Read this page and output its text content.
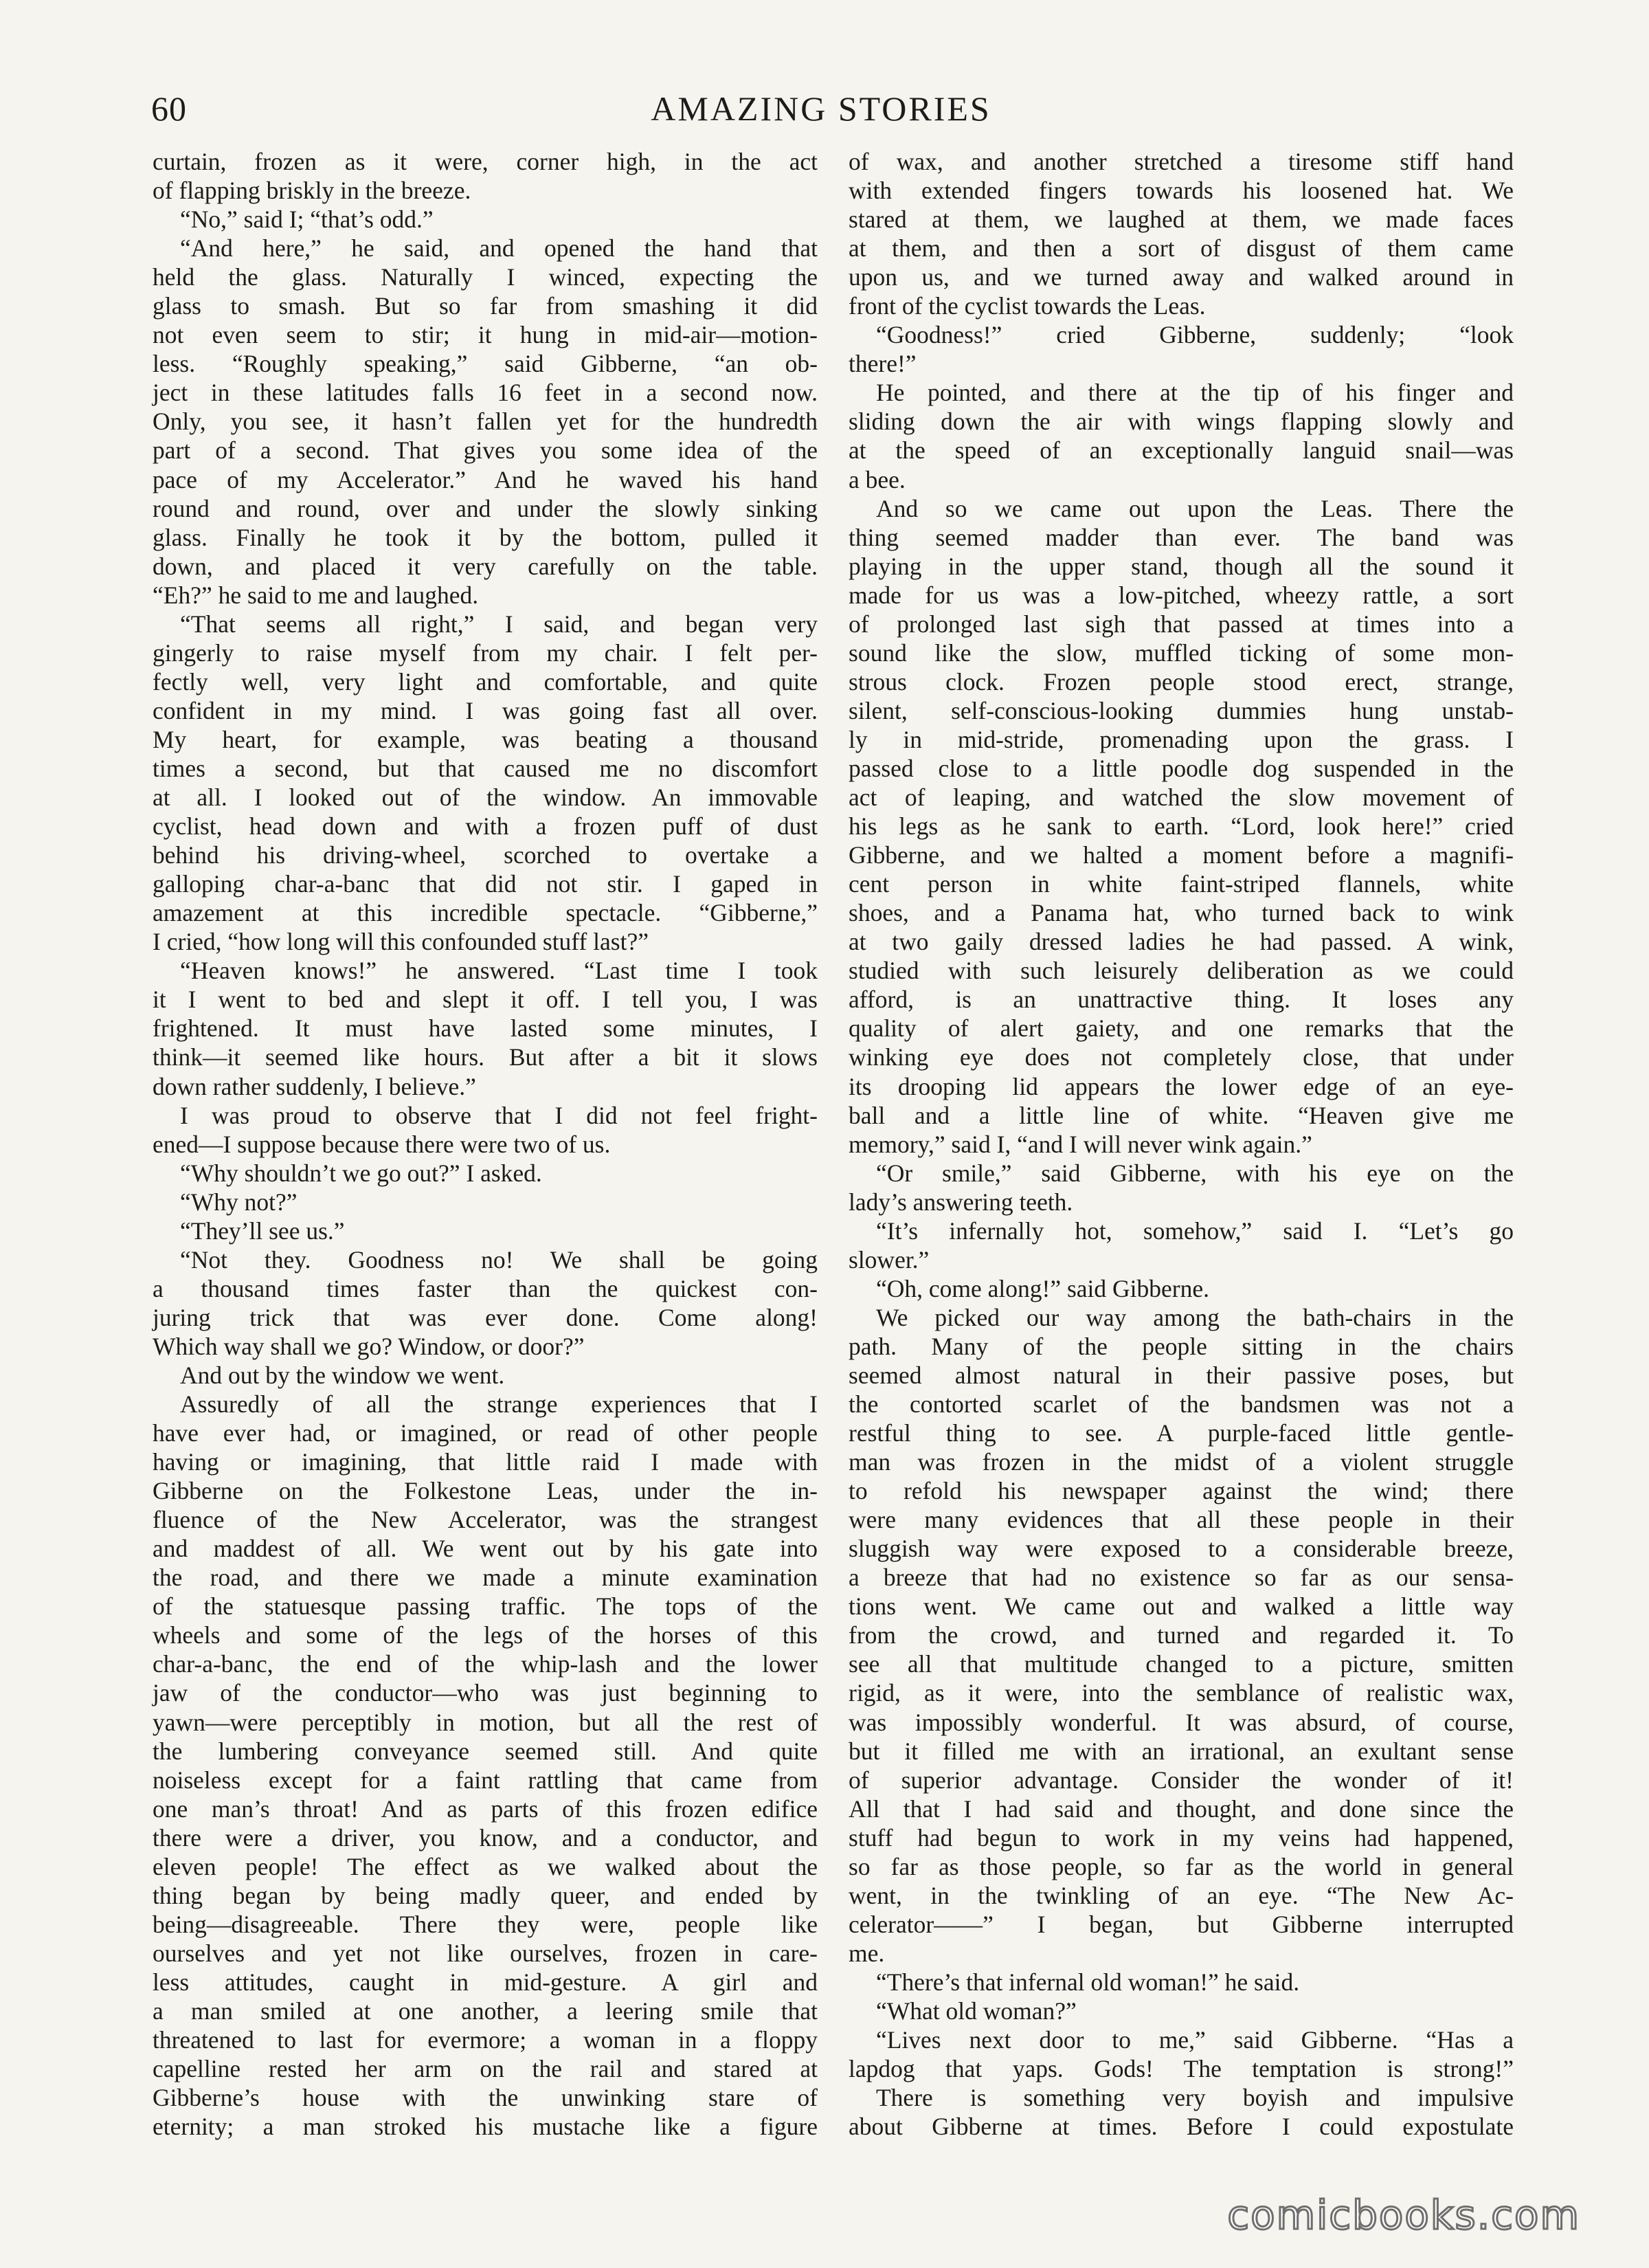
60	AMAZING STORIES
curtain, frozen as it were, corner high, in the act
of flapping briskly in the breeze.
“No,” said I; “that’s odd.”
“And here,” he said, and opened the hand that
held the glass. Naturally I winced, expecting the
glass to smash. But so far from smashing it did
not even seem to stir; it hung in mid-air—motion-
less. “Roughly speaking,” said Gibberne, “an ob-
ject in these latitudes falls 16 feet in a second now.
Only, you see, it hasn’t fallen yet for the hundredth
part of a second. That gives you some idea of the
pace of my Accelerator.” And he waved his hand
round and round, over and under the slowly sinking
glass. Finally he took it by the bottom, pulled it
down, and placed it very carefully on the table.
“Eh?” he said to me and laughed.
“That seems all right,” I said, and began very
gingerly to raise myself from my chair. I felt per-
fectly well, very light and comfortable, and quite
confident in my mind. I was going fast all over.
My heart, for example, was beating a thousand
times a second, but that caused me no discomfort
at all. I looked out of the window. An immovable
cyclist, head down and with a frozen puff of dust
behind his driving-wheel, scorched to overtake a
galloping char-a-banc that did not stir. I gaped in
amazement at this incredible spectacle. “Gibberne,”
I cried, “how long will this confounded stuff last?”
“Heaven knows!” he answered. “Last time I took
it I went to bed and slept it off. I tell you, I was
frightened. It must have lasted some minutes, I
think—it seemed like hours. But after a bit it slows
down rather suddenly, I believe.”
I was proud to observe that I did not feel fright-
ened—I suppose because there were two of us.
“Why shouldn’t we go out?” I asked.
“Why not?”
“They’ll see us.”
“Not they. Goodness no! We shall be going
a thousand times faster than the quickest con-
juring trick that was ever done. Come along!
Which way shall we go? Window, or door?”
And out by the window we went.
Assuredly of all the strange experiences that I
have ever had, or imagined, or read of other people
having or imagining, that little raid I made with
Gibberne on the Folkestone Leas, under the in-
fluence of the New Accelerator, was the strangest
and maddest of all. We went out by his gate into
the road, and there we made a minute examination
of the statuesque passing traffic. The tops of the
wheels and some of the legs of the horses of this
char-a-banc, the end of the whip-lash and the lower
jaw of the conductor—who was just beginning to
yawn—were perceptibly in motion, but all the rest of
the lumbering conveyance seemed still. And quite
noiseless except for a faint rattling that came from
one man’s throat! And as parts of this frozen edifice
there were a driver, you know, and a conductor, and
eleven people! The effect as we walked about the
thing began by being madly queer, and ended by
being—disagreeable. There they were, people like
ourselves and yet not like ourselves, frozen in care-
less attitudes, caught in mid-gesture. A girl and
a man smiled at one another, a leering smile that
threatened to last for evermore; a woman in a floppy
capelline rested her arm on the rail and stared at
Gibberne’s house with the unwinking stare of
eternity; a man stroked his mustache like a figure
of wax, and another stretched a tiresome stiff hand
with extended fingers towards his loosened hat. We
stared at them, we laughed at them, we made faces
at them, and then a sort of disgust of them came
upon us, and we turned away and walked around in
front of the cyclist towards the Leas.
“Goodness!” cried Gibberne, suddenly; “look
there!”
He pointed, and there at the tip of his finger and
sliding down the air with wings flapping slowly and
at the speed of an exceptionally languid snail—was
a bee.
And so we came out upon the Leas. There the
thing seemed madder than ever. The band was
playing in the upper stand, though all the sound it
made for us was a low-pitched, wheezy rattle, a sort
of prolonged last sigh that passed at times into a
sound like the slow, muffled ticking of some mon-
strous clock. Frozen people stood erect, strange,
silent, self-conscious-looking dummies hung unstab-
ly in mid-stride, promenading upon the grass. I
passed close to a little poodle dog suspended in the
act of leaping, and watched the slow movement of
his legs as he sank to earth. “Lord, look here!” cried
Gibberne, and we halted a moment before a magnifi-
cent person in white faint-striped flannels, white
shoes, and a Panama hat, who turned back to wink
at two gaily dressed ladies he had passed. A wink,
studied with such leisurely deliberation as we could
afford, is an unattractive thing. It loses any
quality of alert gaiety, and one remarks that the
winking eye does not completely close, that under
its drooping lid appears the lower edge of an eye-
ball and a little line of white. “Heaven give me
memory,” said I, “and I will never wink again.”
“Or smile,” said Gibberne, with his eye on the
lady’s answering teeth.
“It’s infernally hot, somehow,” said I. “Let’s go
slower.”
“Oh, come along!” said Gibberne.
We picked our way among the bath-chairs in the
path. Many of the people sitting in the chairs
seemed almost natural in their passive poses, but
the contorted scarlet of the bandsmen was not a
restful thing to see. A purple-faced little gentle-
man was frozen in the midst of a violent struggle
to refold his newspaper against the wind; there
were many evidences that all these people in their
sluggish way were exposed to a considerable breeze,
a breeze that had no existence so far as our sensa-
tions went. We came out and walked a little way
from the crowd, and turned and regarded it. To
see all that multitude changed to a picture, smitten
rigid, as it were, into the semblance of realistic wax,
was impossibly wonderful. It was absurd, of course,
but it filled me with an irrational, an exultant sense
of superior advantage. Consider the wonder of it!
All that I had said and thought, and done since the
stuff had begun to work in my veins had happened,
so far as those people, so far as the world in general
went, in the twinkling of an eye. “The New Ac-
celerator——” I began, but Gibberne interrupted
me.
“There’s that infernal old woman!” he said.
“What old woman?”
“Lives next door to me,” said Gibberne. “Has a
lapdog that yaps. Gods! The temptation is strong!”
There is something very boyish and impulsive
about Gibberne at times. Before I could expostulate
comicbooks.com
